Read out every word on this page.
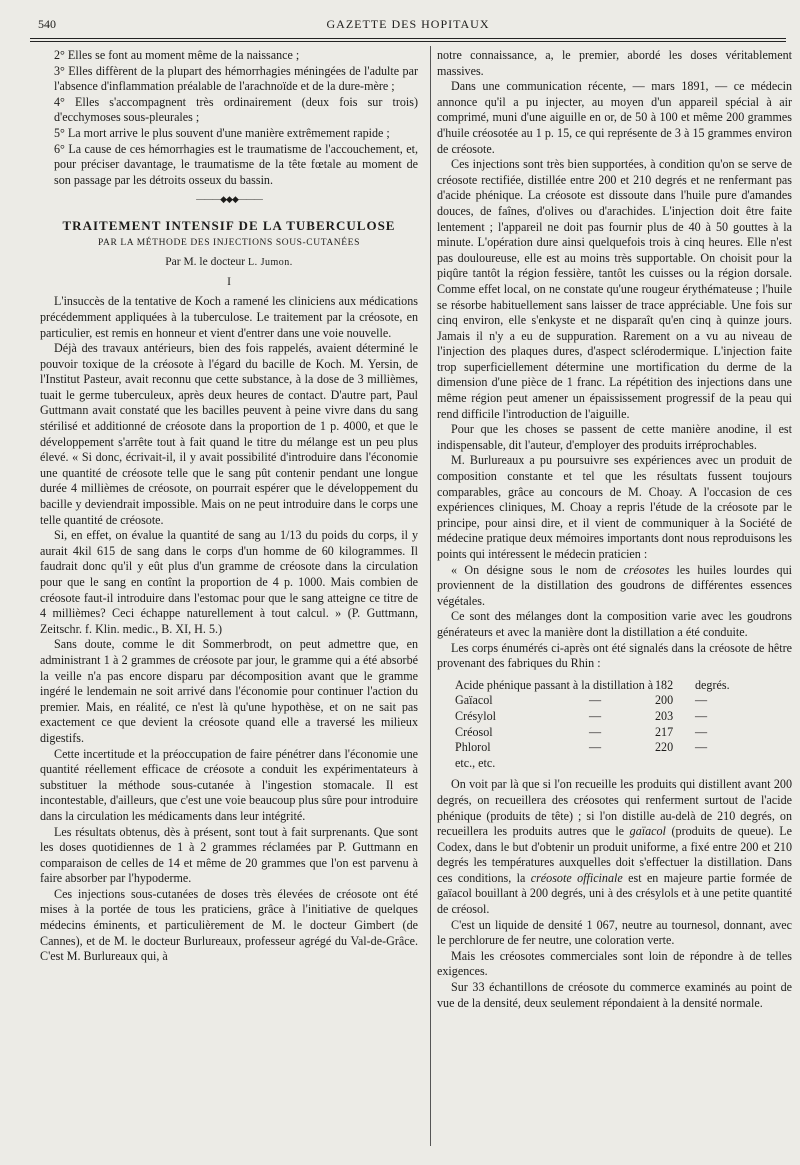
540	GAZETTE DES HOPITAUX

2° Elles se font au moment même de la naissance ;

3° Elles diffèrent de la plupart des hémorrhagies méningées de l'adulte par l'absence d'inflammation préalable de l'arachnoïde et de la dure-mère ;

4° Elles s'accompagnent très ordinairement (deux fois sur trois) d'ecchymoses sous-pleurales ;

5° La mort arrive le plus souvent d'une manière extrêmement rapide ;

6° La cause de ces hémorrhagies est le traumatisme de l'accouchement, et, pour préciser davantage, le traumatisme de la tête fœtale au moment de son passage par les détroits osseux du bassin.

———◆◆◆———
TRAITEMENT INTENSIF DE LA TUBERCULOSE
PAR LA MÉTHODE DES INJECTIONS SOUS-CUTANÉES
Par M. le docteur L. Jumon.
I

L'insuccès de la tentative de Koch a ramené les cliniciens aux médications précédemment appliquées à la tuberculose. Le traitement par la créosote, en particulier, est remis en honneur et vient d'entrer dans une voie nouvelle.

Déjà des travaux antérieurs, bien des fois rappelés, avaient déterminé le pouvoir toxique de la créosote à l'égard du bacille de Koch. M. Yersin, de l'Institut Pasteur, avait reconnu que cette substance, à la dose de 3 millièmes, tuait le germe tuberculeux, après deux heures de contact. D'autre part, Paul Guttmann avait constaté que les bacilles peuvent à peine vivre dans du sang stérilisé et additionné de créosote dans la proportion de 1 p. 4000, et que le développement s'arrête tout à fait quand le titre du mélange est un peu plus élevé. « Si donc, écrivait-il, il y avait possibilité d'introduire dans l'économie une quantité de créosote telle que le sang pût contenir pendant une longue durée 4 millièmes de créosote, on pourrait espérer que le développement du bacille y deviendrait impossible. Mais on ne peut introduire dans le corps une telle quantité de créosote.

Si, en effet, on évalue la quantité de sang au 1/13 du poids du corps, il y aurait 4kil 615 de sang dans le corps d'un homme de 60 kilogrammes. Il faudrait donc qu'il y eût plus d'un gramme de créosote dans la circulation pour que le sang en contînt la proportion de 4 p. 1000. Mais combien de créosote faut-il introduire dans l'estomac pour que le sang atteigne ce titre de 4 millièmes? Ceci échappe naturellement à tout calcul. » (P. Guttmann, Zeitschr. f. Klin. medic., B. XI, H. 5.)

Sans doute, comme le dit Sommerbrodt, on peut admettre que, en administrant 1 à 2 grammes de créosote par jour, le gramme qui a été absorbé la veille n'a pas encore disparu par décomposition avant que le gramme ingéré le lendemain ne soit arrivé dans l'économie pour continuer l'action du premier. Mais, en réalité, ce n'est là qu'une hypothèse, et on ne sait pas exactement ce que devient la créosote quand elle a traversé les milieux digestifs.

Cette incertitude et la préoccupation de faire pénétrer dans l'économie une quantité réellement efficace de créosote a conduit les expérimentateurs à substituer la méthode sous-cutanée à l'ingestion stomacale. Il est incontestable, d'ailleurs, que c'est une voie beaucoup plus sûre pour introduire dans la circulation les médicaments dans leur intégrité.

Les résultats obtenus, dès à présent, sont tout à fait surprenants. Que sont les doses quotidiennes de 1 à 2 grammes réclamées par P. Guttmann en comparaison de celles de 14 et même de 20 grammes que l'on est parvenu à faire absorber par l'hypoderme.

Ces injections sous-cutanées de doses très élevées de créosote ont été mises à la portée de tous les praticiens, grâce à l'initiative de quelques médecins éminents, et particulièrement de M. le docteur Gimbert (de Cannes), et de M. le docteur Burlureaux, professeur agrégé du Val-de-Grâce. C'est M. Burlureaux qui, à

notre connaissance, a, le premier, abordé les doses véritablement massives.

Dans une communication récente, — mars 1891, — ce médecin annonce qu'il a pu injecter, au moyen d'un appareil spécial à air comprimé, muni d'une aiguille en or, de 50 à 100 et même 200 grammes d'huile créosotée au 1 p. 15, ce qui représente de 3 à 15 grammes environ de créosote.

Ces injections sont très bien supportées, à condition qu'on se serve de créosote rectifiée, distillée entre 200 et 210 degrés et ne renfermant pas d'acide phénique. La créosote est dissoute dans l'huile pure d'amandes douces, de faînes, d'olives ou d'arachides. L'injection doit être faite lentement ; l'appareil ne doit pas fournir plus de 40 à 50 gouttes à la minute. L'opération dure ainsi quelquefois trois à cinq heures. Elle n'est pas douloureuse, elle est au moins très supportable. On choisit pour la piqûre tantôt la région fessière, tantôt les cuisses ou la région dorsale. Comme effet local, on ne constate qu'une rougeur érythémateuse ; l'huile se résorbe habituellement sans laisser de trace appréciable. Une fois sur cinq environ, elle s'enkyste et ne disparaît qu'en cinq à quinze jours. Jamais il n'y a eu de suppuration. Rarement on a vu au niveau de l'injection des plaques dures, d'aspect sclérodermique. L'injection faite trop superficiellement détermine une mortification du derme de la dimension d'une pièce de 1 franc. La répétition des injections dans une même région peut amener un épaississement progressif de la peau qui rend difficile l'introduction de l'aiguille.

Pour que les choses se passent de cette manière anodine, il est indispensable, dit l'auteur, d'employer des produits irréprochables.

M. Burlureaux a pu poursuivre ses expériences avec un produit de composition constante et tel que les résultats fussent toujours comparables, grâce au concours de M. Choay. A l'occasion de ces expériences cliniques, M. Choay a repris l'étude de la créosote par le principe, pour ainsi dire, et il vient de communiquer à la Société de médecine pratique deux mémoires importants dont nous reproduisons les points qui intéressent le médecin praticien :

« On désigne sous le nom de créosotes les huiles lourdes qui proviennent de la distillation des goudrons de différentes essences végétales.

Ce sont des mélanges dont la composition varie avec les goudrons générateurs et avec la manière dont la distillation a été conduite.

Les corps énumérés ci-après ont été signalés dans la créosote de hêtre provenant des fabriques du Rhin :

Acide phénique passant à la distillation à 182 degrés.
Gaïacol	—	200 —
Crésylol	—	203 —
Créosol	—	217 —
Phlorol	—	220 —
etc., etc.

On voit par là que si l'on recueille les produits qui distillent avant 200 degrés, on recueillera des créosotes qui renferment surtout de l'acide phénique (produits de tête) ; si l'on distille au-delà de 210 degrés, on recueillera les produits autres que le gaïacol (produits de queue). Le Codex, dans le but d'obtenir un produit uniforme, a fixé entre 200 et 210 degrés les températures auxquelles doit s'effectuer la distillation. Dans ces conditions, la créosote officinale est en majeure partie formée de gaïacol bouillant à 200 degrés, uni à des crésylols et à une petite quantité de créosol.

C'est un liquide de densité 1 067, neutre au tournesol, donnant, avec le perchlorure de fer neutre, une coloration verte.

Mais les créosotes commerciales sont loin de répondre à de telles exigences.

Sur 33 échantillons de créosote du commerce examinés au point de vue de la densité, deux seulement répondaient à la densité normale.
